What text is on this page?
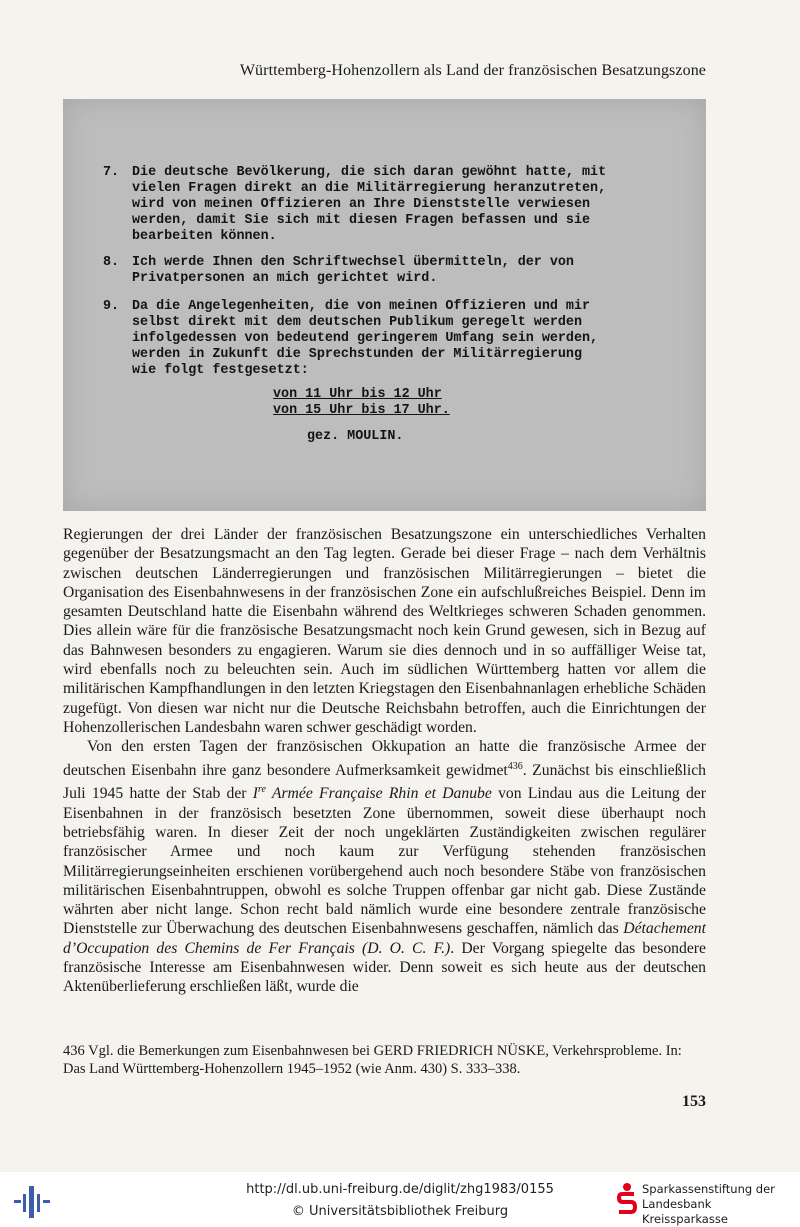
Württemberg-Hohenzollern als Land der französischen Besatzungszone
7. Die deutsche Bevölkerung, die sich daran gewöhnt hatte, mit
vielen Fragen direkt an die Militärregierung heranzutreten,
wird von meinen Offizieren an Ihre Dienststelle verwiesen
werden, damit Sie sich mit diesen Fragen befassen und sie
bearbeiten können.
8. Ich werde Ihnen den Schriftwechsel übermitteln, der von
Privatpersonen an mich gerichtet wird.
9. Da die Angelegenheiten, die von meinen Offizieren und mir
selbst direkt mit dem deutschen Publikum geregelt werden
infolgedessen von bedeutend geringerem Umfang sein werden,
werden in Zukunft die Sprechstunden der Militärregierung
wie folgt festgesetzt:
von 11 Uhr bis 12 Uhr
von 15 Uhr bis 17 Uhr.
gez. MOULIN.

Regierungen der drei Länder der französischen Besatzungszone ein unterschiedliches Verhalten gegenüber der Besatzungsmacht an den Tag legten. Gerade bei dieser Frage – nach dem Verhältnis zwischen deutschen Länderregierungen und französischen Militärregierungen – bietet die Organisation des Eisenbahnwesens in der französischen Zone ein aufschlußreiches Beispiel. Denn im gesamten Deutschland hatte die Eisenbahn während des Weltkrieges schweren Schaden genommen. Dies allein wäre für die französische Besatzungsmacht noch kein Grund gewesen, sich in Bezug auf das Bahnwesen besonders zu engagieren. Warum sie dies dennoch und in so auffälliger Weise tat, wird ebenfalls noch zu beleuchten sein. Auch im südlichen Württemberg hatten vor allem die militärischen Kampfhandlungen in den letzten Kriegstagen den Eisenbahnanlagen erhebliche Schäden zugefügt. Von diesen war nicht nur die Deutsche Reichsbahn betroffen, auch die Einrichtungen der Hohenzollerischen Landesbahn waren schwer geschädigt worden.

Von den ersten Tagen der französischen Okkupation an hatte die französische Armee der deutschen Eisenbahn ihre ganz besondere Aufmerksamkeit gewidmet$^{436}$. Zunächst bis einschließlich Juli 1945 hatte der Stab der Ire Armée Française Rhin et Danube von Lindau aus die Leitung der Eisenbahnen in der französisch besetzten Zone übernommen, soweit diese überhaupt noch betriebsfähig waren. In dieser Zeit der noch ungeklärten Zuständigkeiten zwischen regulärer französischer Armee und noch kaum zur Verfügung stehenden französischen Militärregierungseinheiten erschienen vorübergehend auch noch besondere Stäbe von französischen militärischen Eisenbahntruppen, obwohl es solche Truppen offenbar gar nicht gab. Diese Zustände währten aber nicht lange. Schon recht bald nämlich wurde eine besondere zentrale französische Dienststelle zur Überwachung des deutschen Eisenbahnwesens geschaffen, nämlich das Détachement d’Occupation des Chemins de Fer Français (D. O. C. F.). Der Vorgang spiegelte das besondere französische Interesse am Eisenbahnwesen wider. Denn soweit es sich heute aus der deutschen Aktenüberlieferung erschließen läßt, wurde die

436 Vgl. die Bemerkungen zum Eisenbahnwesen bei GERD FRIEDRICH NÜSKE, Verkehrsprobleme. In:
Das Land Württemberg-Hohenzollern 1945–1952 (wie Anm. 430) S. 333–338.
153
http://dl.ub.uni-freiburg.de/diglit/zhg1983/0155
© Universitätsbibliothek Freiburg
Sparkassenstiftung der
Landesbank Kreissparkasse
